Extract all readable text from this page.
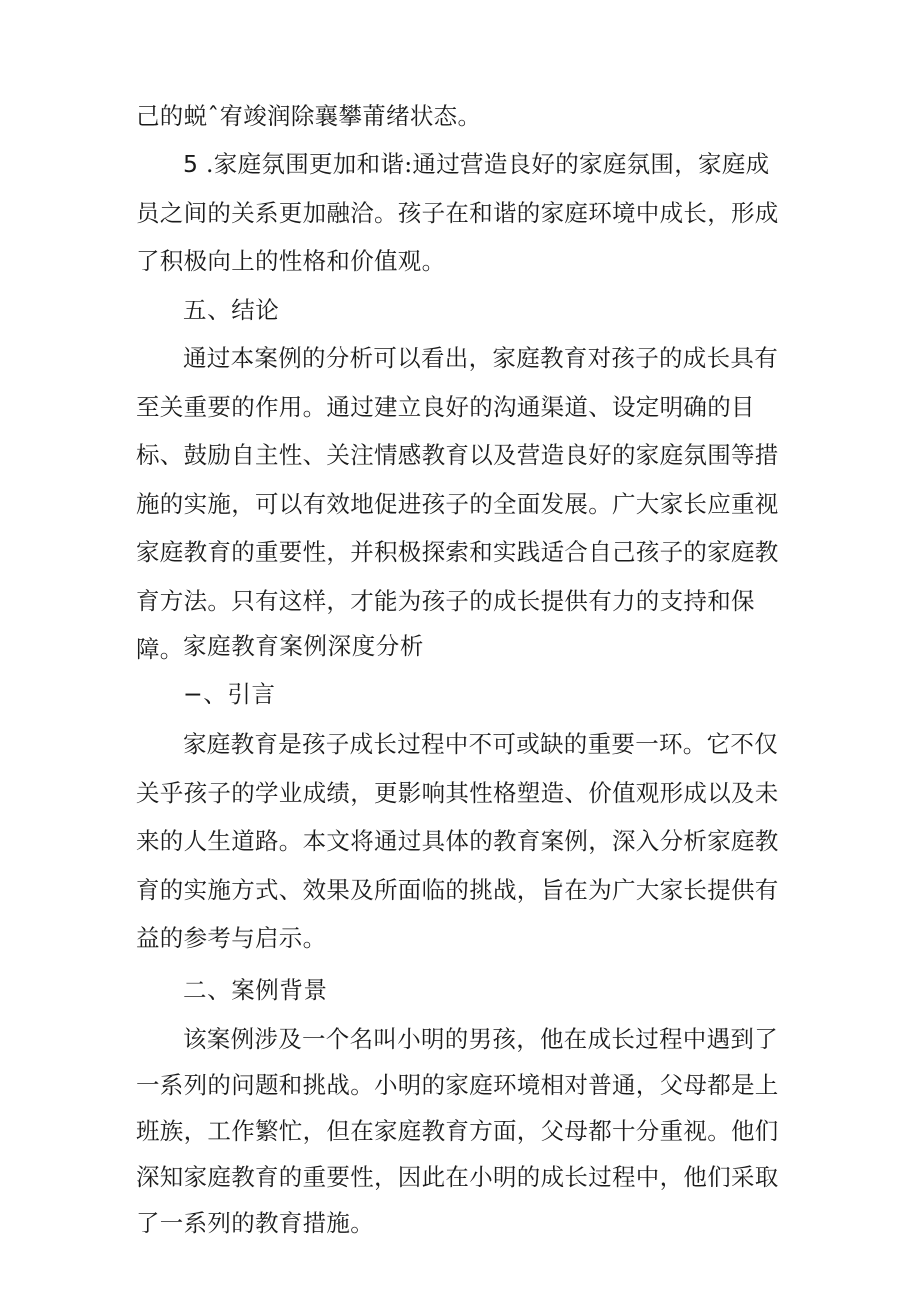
己的蜕ˆ宥竣润除襄攀莆绪状态。

5 .家庭氛围更加和谐:通过营造良好的家庭氛围，家庭成员之间的关系更加融洽。孩子在和谐的家庭环境中成长，形成了积极向上的性格和价值观。

五、结论

通过本案例的分析可以看出，家庭教育对孩子的成长具有至关重要的作用。通过建立良好的沟通渠道、设定明确的目标、鼓励自主性、关注情感教育以及营造良好的家庭氛围等措施的实施，可以有效地促进孩子的全面发展。广大家长应重视家庭教育的重要性，并积极探索和实践适合自己孩子的家庭教育方法。只有这样，才能为孩子的成长提供有力的支持和保障。 家庭教育案例深度分析
−、引言

家庭教育是孩子成长过程中不可或缺的重要一环。它不仅关乎孩子的学业成绩，更影响其性格塑造、价值观形成以及未来的人生道路。本文将通过具体的教育案例，深入分析家庭教育的实施方式、效果及所面临的挑战，旨在为广大家长提供有益的参考与启示。

二、案例背景

该案例涉及一个名叫小明的男孩，他在成长过程中遇到了一系列的问题和挑战。小明的家庭环境相对普通，父母都是上班族，工作繁忙，但在家庭教育方面，父母都十分重视。他们深知家庭教育的重要性，因此在小明的成长过程中，他们采取了一系列的教育措施。
